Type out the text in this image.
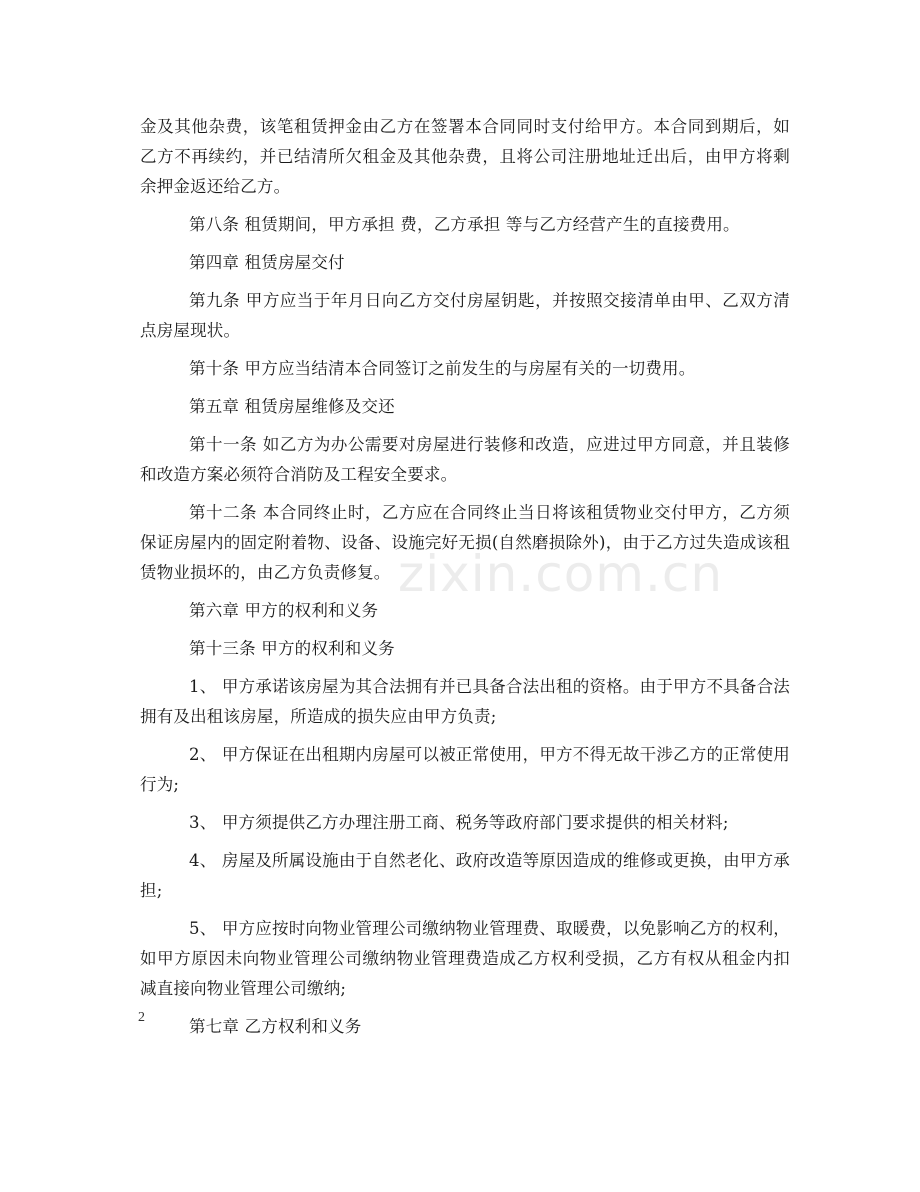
zixin.com.cn

金及其他杂费，该笔租赁押金由乙方在签署本合同同时支付给甲方。本合同到期后，如乙方不再续约，并已结清所欠租金及其他杂费，且将公司注册地址迁出后，由甲方将剩余押金返还给乙方。

第八条 租赁期间，甲方承担 费，乙方承担 等与乙方经营产生的直接费用。

第四章 租赁房屋交付

第九条 甲方应当于年月日向乙方交付房屋钥匙，并按照交接清单由甲、乙双方清点房屋现状。

第十条 甲方应当结清本合同签订之前发生的与房屋有关的一切费用。

第五章 租赁房屋维修及交还

第十一条 如乙方为办公需要对房屋进行装修和改造，应进过甲方同意，并且装修和改造方案必须符合消防及工程安全要求。

第十二条 本合同终止时，乙方应在合同终止当日将该租赁物业交付甲方，乙方须保证房屋内的固定附着物、设备、设施完好无损(自然磨损除外)，由于乙方过失造成该租赁物业损坏的，由乙方负责修复。

第六章 甲方的权利和义务

第十三条 甲方的权利和义务

1、 甲方承诺该房屋为其合法拥有并已具备合法出租的资格。由于甲方不具备合法拥有及出租该房屋，所造成的损失应由甲方负责;

2、 甲方保证在出租期内房屋可以被正常使用，甲方不得无故干涉乙方的正常使用行为;

3、 甲方须提供乙方办理注册工商、税务等政府部门要求提供的相关材料;

4、 房屋及所属设施由于自然老化、政府改造等原因造成的维修或更换，由甲方承担;

5、 甲方应按时向物业管理公司缴纳物业管理费、取暖费，以免影响乙方的权利，如甲方原因未向物业管理公司缴纳物业管理费造成乙方权利受损，乙方有权从租金内扣减直接向物业管理公司缴纳;

第七章 乙方权利和义务

2
